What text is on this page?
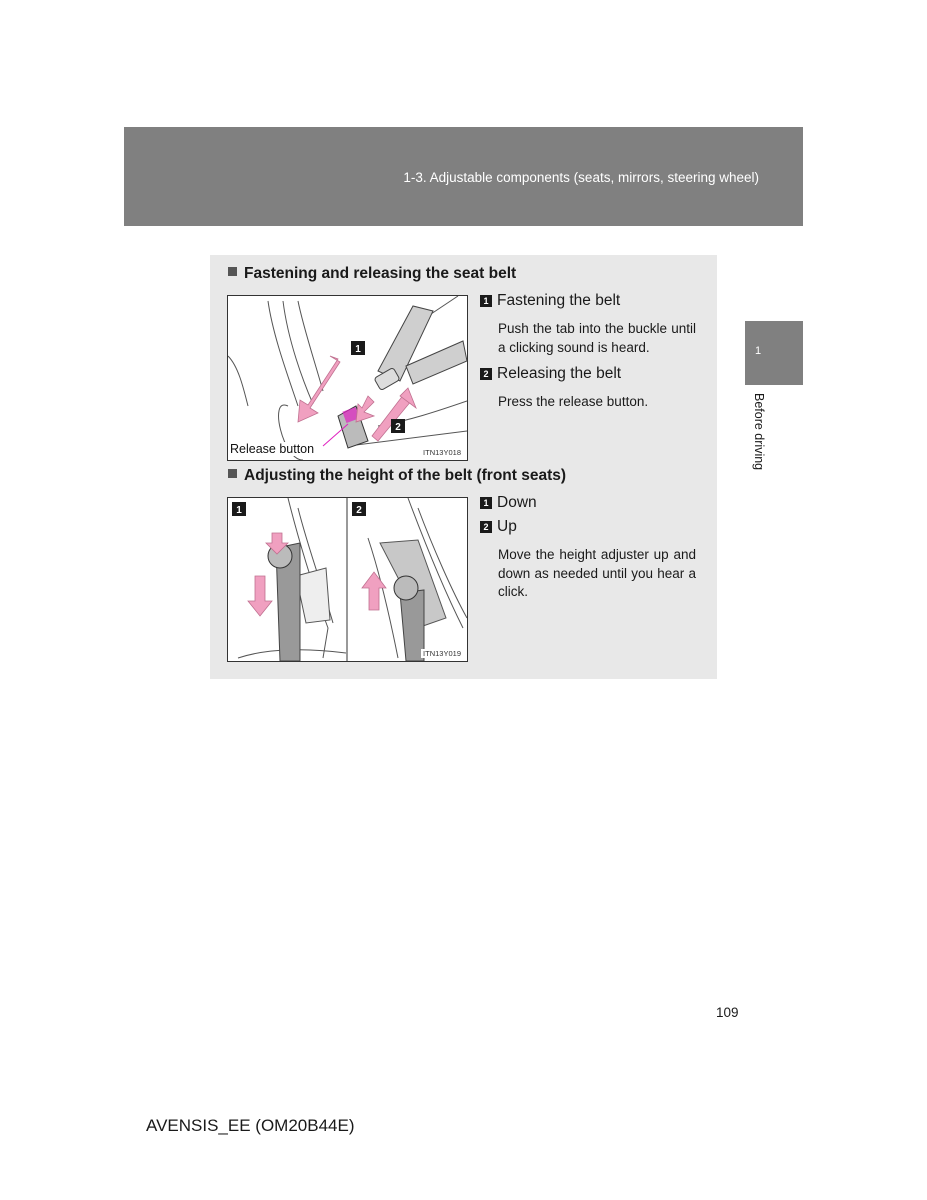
1-3. Adjustable components (seats, mirrors, steering wheel)
1
Before driving
Fastening and releasing the seat belt
1
2
Release button	ITN13Y018
1 Fastening the belt
Push the tab into the buckle until a clicking sound is heard.
2 Releasing the belt
Press the release button.
Adjusting the height of the belt (front seats)
1	2
ITN13Y019
1 Down
2 Up
Move the height adjuster up and down as needed until you hear a click.
109
AVENSIS_EE (OM20B44E)
